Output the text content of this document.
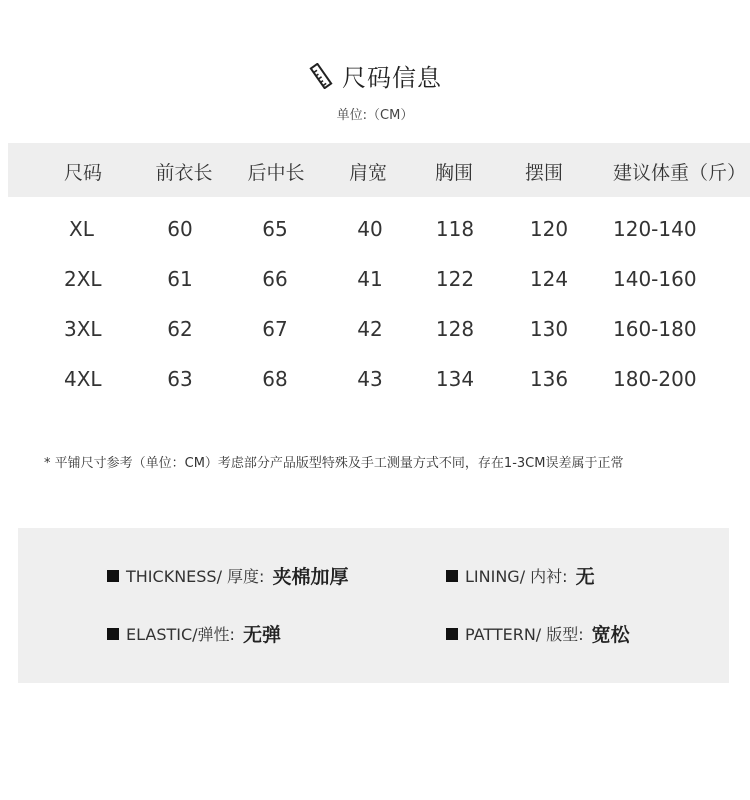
尺码信息
单位:（CM）
尺码	前衣长 后中长 肩宽	胸围	摆围	建议体重（斤）
XL	60	65	40	118	120 120-140
2XL	61	66	41	122	124 140-160
3XL	62	67	42	128	130 160-180
4XL	63	68	43	134	136 180-200
* 平铺尺寸参考（单位：CM）考虑部分产品版型特殊及手工测量方式不同，存在1-3CM误差属于正常
THICKNESS/ 厚度: 夹棉加厚	LINING/ 内衬: 无
ELASTIC/弹性: 无弹	PATTERN/ 版型: 宽松
